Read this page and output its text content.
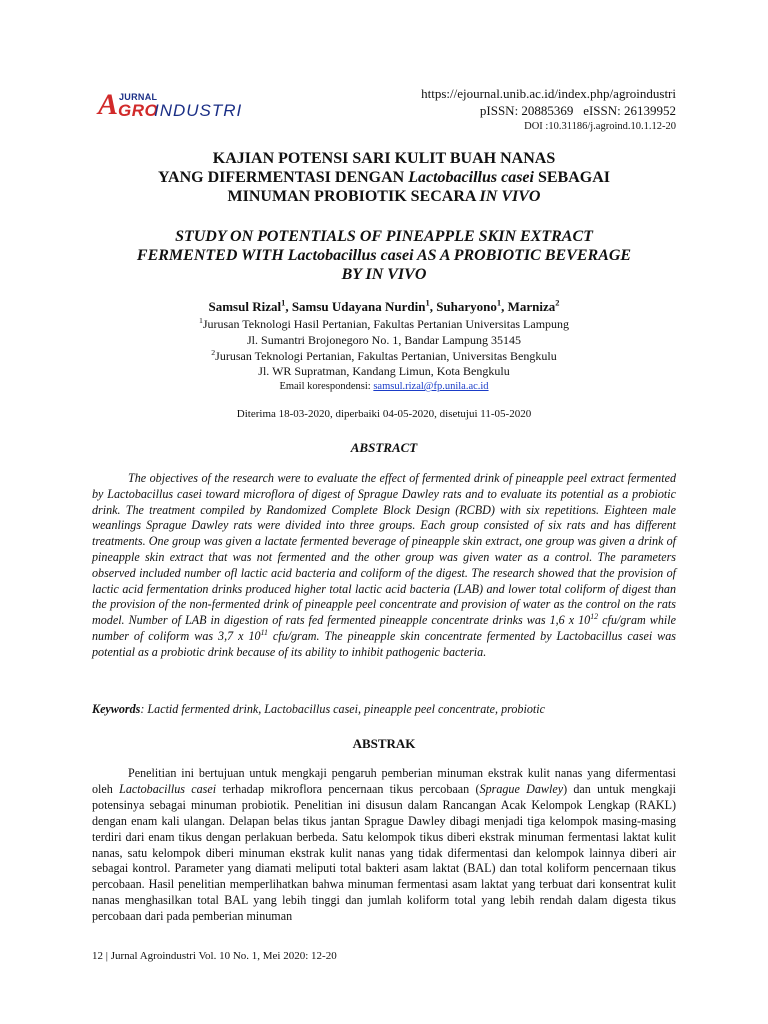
A JURNAL
GRO
INDUSTRI
https://ejournal.unib.ac.id/index.php/agroindustri
pISSN: 20885369 eISSN: 26139952
DOI :10.31186/j.agroind.10.1.12-20
KAJIAN POTENSI SARI KULIT BUAH NANAS
YANG DIFERMENTASI DENGAN Lactobacillus casei SEBAGAI
MINUMAN PROBIOTIK SECARA IN VIVO
STUDY ON POTENTIALS OF PINEAPPLE SKIN EXTRACT
FERMENTED WITH Lactobacillus casei AS A PROBIOTIC BEVERAGE
BY IN VIVO
Samsul Rizal$^1$, Samsu Udayana Nurdin$^1$, Suharyono$^1$, Marniza$^2$
$^1$Jurusan Teknologi Hasil Pertanian, Fakultas Pertanian Universitas Lampung
Jl. Sumantri Brojonegoro No. 1, Bandar Lampung 35145
$^2$Jurusan Teknologi Pertanian, Fakultas Pertanian, Universitas Bengkulu
Jl. WR Supratman, Kandang Limun, Kota Bengkulu
Email korespondensi: samsul.rizal@fp.unila.ac.id
Diterima 18-03-2020, diperbaiki 04-05-2020, disetujui 11-05-2020
ABSTRACT
The objectives of the research were to evaluate the effect of fermented drink of pineapple peel extract fermented by Lactobacillus casei toward microflora of digest of Sprague Dawley rats and to evaluate its potential as a probiotic drink. The treatment compiled by Randomized Complete Block Design (RCBD) with six repetitions. Eighteen male weanlings Sprague Dawley rats were divided into three groups. Each group consisted of six rats and has different treatments. One group was given a lactate fermented beverage of pineapple skin extract, one group was given a drink of pineapple skin extract that was not fermented and the other group was given water as a control. The parameters observed included number ofl lactic acid bacteria and coliform of the digest. The research showed that the provision of lactic acid fermentation drinks produced higher total lactic acid bacteria (LAB) and lower total coliform of digest than the provision of the non-fermented drink of pineapple peel concentrate and provision of water as the control on the rats model. Number of LAB in digestion of rats fed fermented pineapple concentrate drinks was 1,6 x $10^{12}$ cfu/gram while number of coliform was 3,7 x $10^{11}$ cfu/gram. The pineapple skin concentrate fermented by Lactobacillus casei was potential as a probiotic drink because of its ability to inhibit pathogenic bacteria.
Keywords: Lactid fermented drink, Lactobacillus casei, pineapple peel concentrate, probiotic
ABSTRAK
Penelitian ini bertujuan untuk mengkaji pengaruh pemberian minuman ekstrak kulit nanas yang difermentasi oleh Lactobacillus casei terhadap mikroflora pencernaan tikus percobaan (Sprague Dawley) dan untuk mengkaji potensinya sebagai minuman probiotik. Penelitian ini disusun dalam Rancangan Acak Kelompok Lengkap (RAKL) dengan enam kali ulangan. Delapan belas tikus jantan Sprague Dawley dibagi menjadi tiga kelompok masing-masing terdiri dari enam tikus dengan perlakuan berbeda. Satu kelompok tikus diberi ekstrak minuman fermentasi laktat kulit nanas, satu kelompok diberi minuman ekstrak kulit nanas yang tidak difermentasi dan kelompok lainnya diberi air sebagai kontrol. Parameter yang diamati meliputi total bakteri asam laktat (BAL) dan total koliform pencernaan tikus percobaan. Hasil penelitian memperlihatkan bahwa minuman fermentasi asam laktat yang terbuat dari konsentrat kulit nanas menghasilkan total BAL yang lebih tinggi dan jumlah koliform total yang lebih rendah dalam digesta tikus percobaan dari pada pemberian minuman
12 | Jurnal Agroindustri Vol. 10 No. 1, Mei 2020: 12-20
